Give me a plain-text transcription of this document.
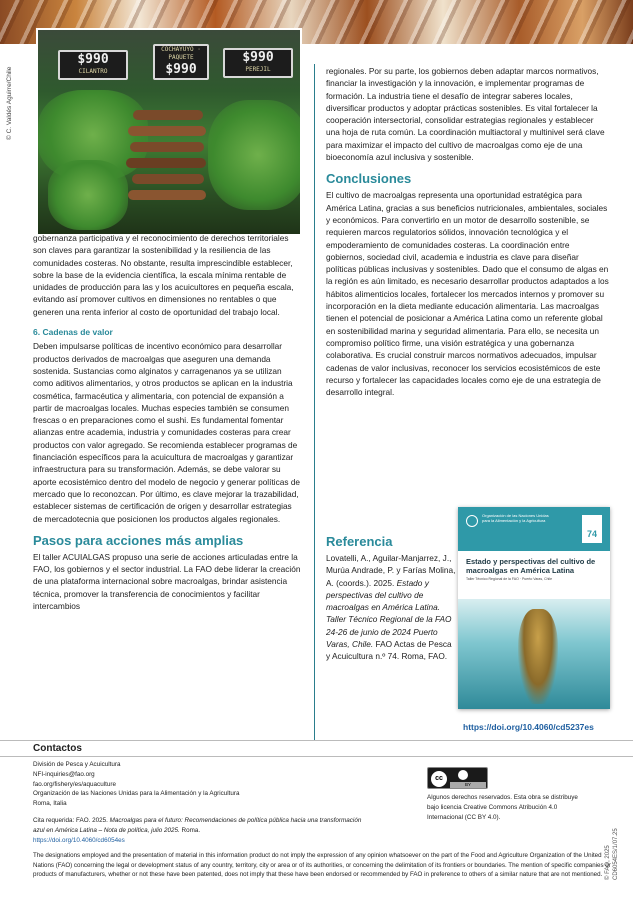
$990
CILANTRO
COCHAYUYO · PAQUETE
$990
$990
PEREJIL
© C. Valdés Aguirre/Chile

gobernanza participativa y el reconocimiento de derechos territoriales son claves para garantizar la sostenibilidad y la resiliencia de las comunidades costeras. No obstante, resulta imprescindible establecer, sobre la base de la evidencia científica, la escala mínima rentable de unidades de producción para las y los acuicultores en pequeña escala, evitando así promover cultivos en dimensiones no rentables o que generen una renta inferior al costo de oportunidad del trabajo local.

6. Cadenas de valor

Deben impulsarse políticas de incentivo económico para desarrollar productos derivados de macroalgas que aseguren una demanda sostenida. Sustancias como alginatos y carragenanos ya se utilizan como aditivos alimentarios, y otros productos se aplican en la industria cosmética, farmacéutica y alimentaria, con potencial de expansión a partir de macroalgas locales. Muchas especies también se consumen frescas o en preparaciones como el sushi. Es fundamental fomentar alianzas entre academia, industria y comunidades costeras para crear productos con valor agregado. Se recomienda establecer programas de financiación específicos para la acuicultura de macroalgas y garantizar infraestructura para su transformación. Además, se debe valorar su aporte ecosistémico dentro del modelo de negocio y generar políticas de mercado que lo reconozcan. Por último, es clave mejorar la trazabilidad, establecer sistemas de certificación de origen y desarrollar estrategias de mercadotecnia que posicionen los productos algales regionales.

Pasos para acciones más amplias

El taller ACUIALGAS propuso una serie de acciones articuladas entre la FAO, los gobiernos y el sector industrial. La FAO debe liderar la creación de una plataforma internacional sobre macroalgas, brindar asistencia técnica, promover la transferencia de conocimientos y facilitar intercambios

regionales. Por su parte, los gobiernos deben adaptar marcos normativos, financiar la investigación y la innovación, e implementar programas de formación. La industria tiene el desafío de integrar saberes locales, diversificar productos y adoptar prácticas sostenibles. Es vital fortalecer la cooperación intersectorial, consolidar estrategias regionales y establecer una hoja de ruta común. La coordinación multiactoral y multinivel será clave para maximizar el impacto del cultivo de macroalgas como eje de una bioeconomía azul inclusiva y sostenible.

Conclusiones

El cultivo de macroalgas representa una oportunidad estratégica para América Latina, gracias a sus beneficios nutricionales, ambientales, sociales y económicos. Para convertirlo en un motor de desarrollo sostenible, se requieren marcos regulatorios sólidos, innovación tecnológica y el empoderamiento de comunidades costeras. La coordinación entre gobiernos, sociedad civil, academia e industria es clave para diseñar políticas públicas inclusivas y sostenibles. Dado que el consumo de algas en la región es aún limitado, es necesario desarrollar productos adaptados a los hábitos alimenticios locales, fortalecer los mercados internos y promover su incorporación en la dieta mediante educación alimentaria. Las macroalgas tienen el potencial de posicionar a América Latina como un referente global en sostenibilidad marina y seguridad alimentaria. Para ello, se necesita un compromiso político firme, una visión estratégica y una gobernanza colaborativa. Es crucial construir marcos normativos adecuados, impulsar cadenas de valor inclusivas, reconocer los servicios ecosistémicos de este recurso y fortalecer las capacidades locales como eje de una estrategia de desarrollo integral.

Referencia
Lovatelli, A., Aguilar-Manjarrez, J., Murúa Andrade, P. y Farías Molina, A. (coords.). 2025. Estado y perspectivas del cultivo de macroalgas en América Latina. Taller Técnico Regional de la FAO 24-26 de junio de 2024 Puerto Varas, Chile. FAO Actas de Pesca y Acuicultura n.º 74. Roma, FAO.
Organización de las Naciones Unidas para la Alimentación y la Agricultura
74
Estado y perspectivas del cultivo de macroalgas en América Latina
Taller Técnico Regional de la FAO · Puerto Varas, Chile
https://doi.org/10.4060/cd5237es
Contactos
División de Pesca y Acuicultura
NFI-inquiries@fao.org
fao.org/fishery/es/aquaculture
Organización de las Naciones Unidas para la Alimentación y la Agricultura
Roma, Italia
Cita requerida: FAO. 2025. Macroalgas para el futuro: Recomendaciones de política pública hacia una transformación azul en América Latina – Nota de política, julio 2025. Roma.
https://doi.org/10.4060/cd6054es
cc
BY
Algunos derechos reservados. Esta obra se distribuye bajo licencia Creative Commons Atribución 4.0 Internacional (CC BY 4.0).
© FAO, 2025 CD6054ES/1/07.25
The designations employed and the presentation of material in this information product do not imply the expression of any opinion whatsoever on the part of the Food and Agriculture Organization of the United Nations (FAO) concerning the legal or development status of any country, territory, city or area or of its authorities, or concerning the delimitation of its frontiers or boundaries. The mention of specific companies or products of manufacturers, whether or not these have been patented, does not imply that these have been endorsed or recommended by FAO in preference to others of a similar nature that are not mentioned.
